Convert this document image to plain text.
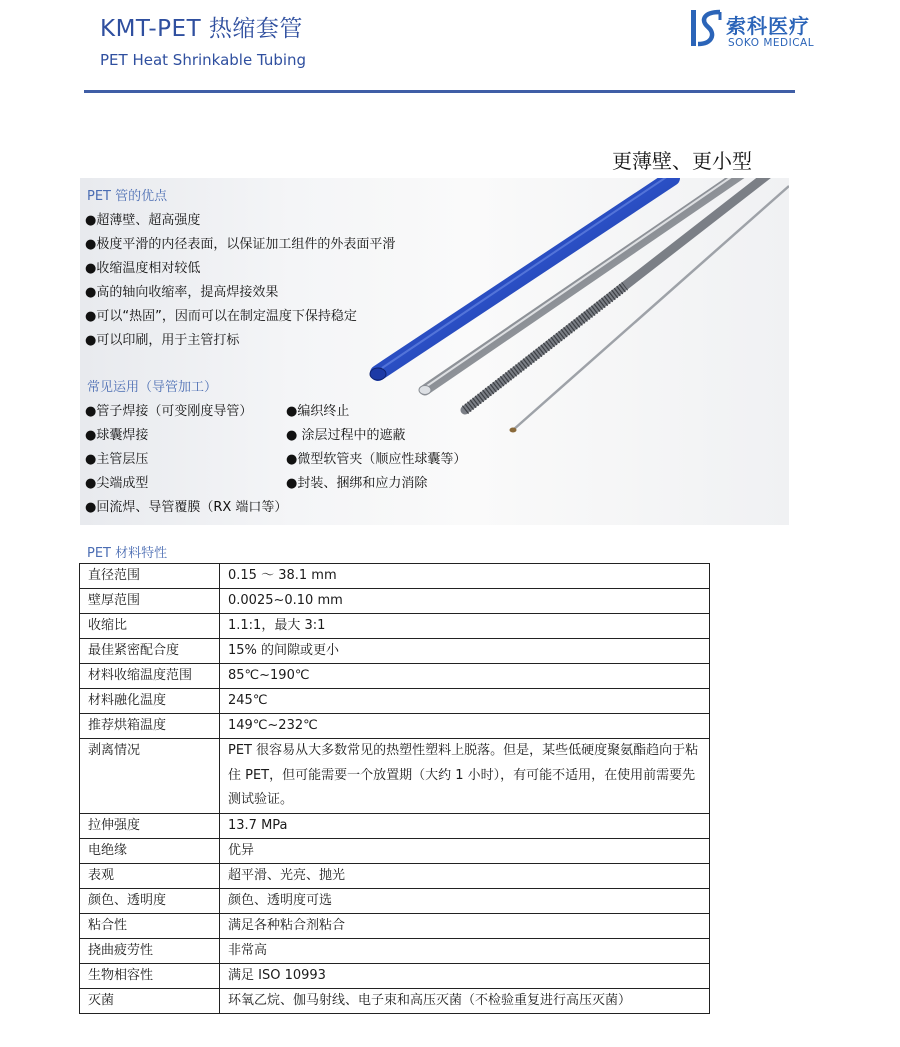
KMT-PET 热缩套管
PET Heat Shrinkable Tubing
索科医疗
SOKO MEDICAL
更薄壁、更小型
PET 管的优点
●超薄壁、超高强度
●极度平滑的内径表面，以保证加工组件的外表面平滑
●收缩温度相对较低
●高的轴向收缩率，提高焊接效果
●可以“热固”，因而可以在制定温度下保持稳定
●可以印刷，用于主管打标
常见运用（导管加工）
●管子焊接（可变刚度导管）
●球囊焊接
●主管层压
●尖端成型
●回流焊、导管覆膜（RX 端口等）
●编织终止
● 涂层过程中的遮蔽
●微型软管夹（顺应性球囊等）
●封装、捆绑和应力消除
PET 材料特性
直径范围	0.15 ～ 38.1 mm
壁厚范围	0.0025~0.10 mm
收缩比	1.1:1，最大 3:1
最佳紧密配合度	15% 的间隙或更小
材料收缩温度范围	85℃~190℃
材料融化温度	245℃
推荐烘箱温度	149℃~232℃
剥离情况	PET 很容易从大多数常见的热塑性塑料上脱落。但是，某些低硬度聚氨酯趋向于粘住 PET，但可能需要一个放置期（大约 1 小时），有可能不适用，在使用前需要先测试验证。
拉伸强度	13.7 MPa
电绝缘	优异
表观	超平滑、光亮、抛光
颜色、透明度	颜色、透明度可选
粘合性	满足各种粘合剂粘合
挠曲疲劳性	非常高
生物相容性	满足 ISO 10993
灭菌	环氧乙烷、伽马射线、电子束和高压灭菌（不检验重复进行高压灭菌）
